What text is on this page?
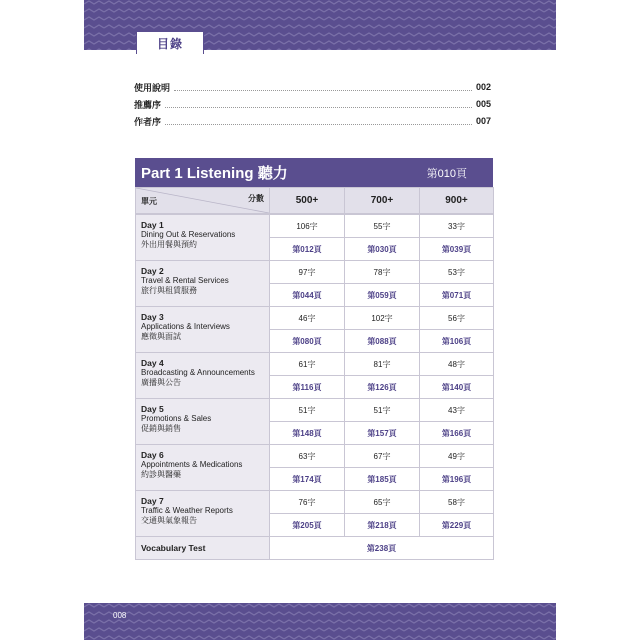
目錄
使用說明	002
推薦序	005
作者序	007
Part 1 Listening 聽力	第010頁
單元	分數	500+	700+	900+
Day 1
Dining Out & Reservations
外出用餐與預約	106字	55字	33字
	第012頁	第030頁	第039頁

Day 2
Travel & Rental Services
旅行與租賃服務	97字	78字	53字
	第044頁	第059頁	第071頁

Day 3
Applications & Interviews
應徵與面試	46字	102字	56字
	第080頁	第088頁	第106頁

Day 4
Broadcasting & Announcements
廣播與公告	61字	81字	48字
	第116頁	第126頁	第140頁

Day 5
Promotions & Sales
促銷與銷售	51字	51字	43字
	第148頁	第157頁	第166頁

Day 6
Appointments & Medications
約診與醫藥	63字	67字	49字
	第174頁	第185頁	第196頁

Day 7
Traffic & Weather Reports
交通與氣象報告	76字	65字	58字
	第205頁	第218頁	第229頁
Vocabulary Test	第238頁		
008
